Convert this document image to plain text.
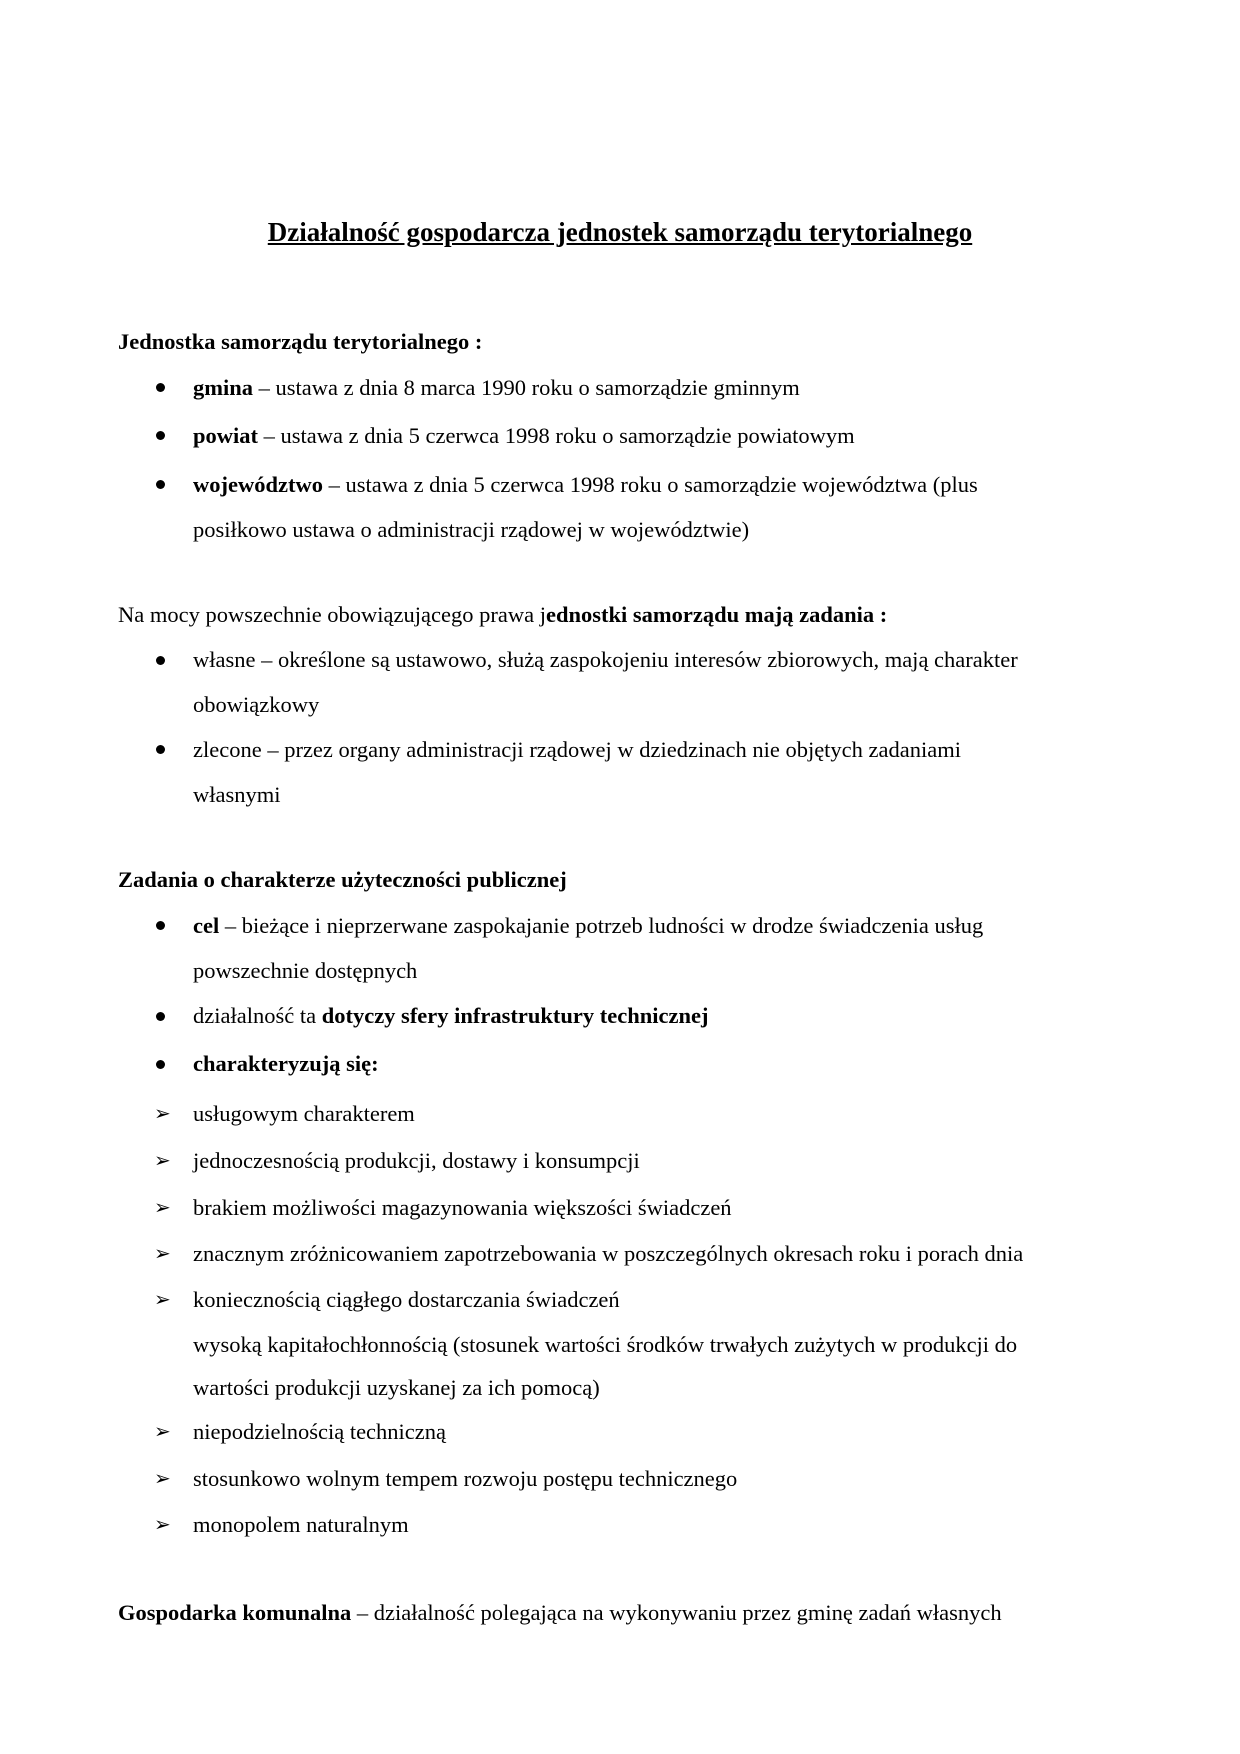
Działalność gospodarcza jednostek samorządu terytorialnego
Jednostka samorządu terytorialnego :
gmina – ustawa z dnia 8 marca 1990 roku o samorządzie gminnym
powiat – ustawa z dnia 5 czerwca 1998 roku o samorządzie powiatowym
województwo – ustawa z dnia 5 czerwca 1998 roku o samorządzie województwa (plus
posiłkowo ustawa o administracji rządowej w województwie)
Na mocy powszechnie obowiązującego prawa jednostki samorządu mają zadania :
własne – określone są ustawowo, służą zaspokojeniu interesów zbiorowych, mają charakter
obowiązkowy
zlecone – przez organy administracji rządowej w dziedzinach nie objętych zadaniami
własnymi
Zadania o charakterze użyteczności publicznej
cel – bieżące i nieprzerwane zaspokajanie potrzeb ludności w drodze świadczenia usług
powszechnie dostępnych
działalność ta dotyczy sfery infrastruktury technicznej
charakteryzują się:
➢ usługowym charakterem
➢ jednoczesnością produkcji, dostawy i konsumpcji
➢ brakiem możliwości magazynowania większości świadczeń
➢ znacznym zróżnicowaniem zapotrzebowania w poszczególnych okresach roku i porach dnia
➢ koniecznością ciągłego dostarczania świadczeń
wysoką kapitałochłonnością (stosunek wartości środków trwałych zużytych w produkcji do
wartości produkcji uzyskanej za ich pomocą)
➢ niepodzielnością techniczną
➢ stosunkowo wolnym tempem rozwoju postępu technicznego
➢ monopolem naturalnym
Gospodarka komunalna – działalność polegająca na wykonywaniu przez gminę zadań własnych
